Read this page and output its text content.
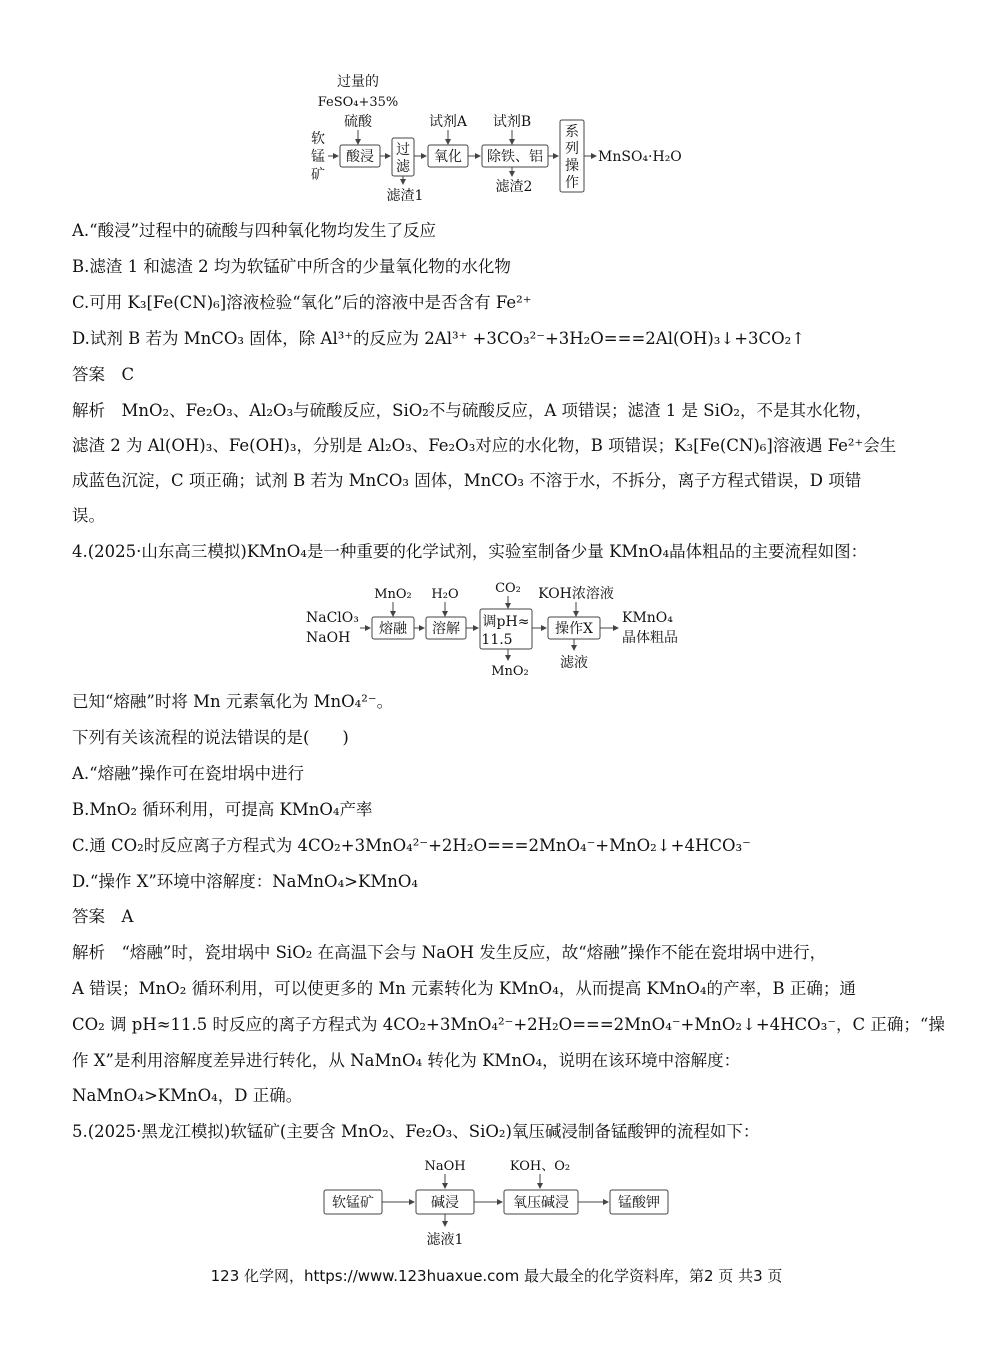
过量的
FeSO₄+35%
硫酸
软
锰
矿
酸浸 过
滤
滤渣1
试剂A
氧化
试剂B
除铁、铝
滤渣2
系
列
操
作
MnSO₄·H₂O
A.“酸浸”过程中的硫酸与四种氧化物均发生了反应
B.滤渣 1 和滤渣 2 均为软锰矿中所含的少量氧化物的水化物
C.可用 K₃[Fe(CN)₆]溶液检验“氧化”后的溶液中是否含有 Fe²⁺
D.试剂 B 若为 MnCO₃ 固体，除 Al³⁺的反应为 2Al³⁺ +3CO₃²⁻+3H₂O===2Al(OH)₃↓+3CO₂↑
答案　C
解析　MnO₂、Fe₂O₃、Al₂O₃与硫酸反应，SiO₂不与硫酸反应，A 项错误；滤渣 1 是 SiO₂，不是其水化物，
滤渣 2 为 Al(OH)₃、Fe(OH)₃，分别是 Al₂O₃、Fe₂O₃对应的水化物，B 项错误；K₃[Fe(CN)₆]溶液遇 Fe²⁺会生
成蓝色沉淀，C 项正确；试剂 B 若为 MnCO₃ 固体，MnCO₃ 不溶于水，不拆分，离子方程式错误，D 项错
误。
4.(2025·山东高三模拟)KMnO₄是一种重要的化学试剂，实验室制备少量 KMnO₄晶体粗品的主要流程如图：
NaClO₃
NaOH
MnO₂
熔融
H₂O
溶解
CO₂
调pH≈
11.5
MnO₂
KOH浓溶液
操作X
滤液
KMnO₄
晶体粗品
已知“熔融”时将 Mn 元素氧化为 MnO₄²⁻。
下列有关该流程的说法错误的是(　　)
A.“熔融”操作可在瓷坩埚中进行
B.MnO₂ 循环利用，可提高 KMnO₄产率
C.通 CO₂时反应离子方程式为 4CO₂+3MnO₄²⁻+2H₂O===2MnO₄⁻+MnO₂↓+4HCO₃⁻
D.“操作 X”环境中溶解度：NaMnO₄>KMnO₄
答案　A
解析　“熔融”时，瓷坩埚中 SiO₂ 在高温下会与 NaOH 发生反应，故“熔融”操作不能在瓷坩埚中进行，
A 错误；MnO₂ 循环利用，可以使更多的 Mn 元素转化为 KMnO₄，从而提高 KMnO₄的产率，B 正确；通
CO₂ 调 pH≈11.5 时反应的离子方程式为 4CO₂+3MnO₄²⁻+2H₂O===2MnO₄⁻+MnO₂↓+4HCO₃⁻，C 正确；“操
作 X”是利用溶解度差异进行转化，从 NaMnO₄ 转化为 KMnO₄，说明在该环境中溶解度：
NaMnO₄>KMnO₄，D 正确。
5.(2025·黑龙江模拟)软锰矿(主要含 MnO₂、Fe₂O₃、SiO₂)氧压碱浸制备锰酸钾的流程如下：
软锰矿
NaOH
碱浸
滤液1
KOH、O₂
氧压碱浸	锰酸钾
123 化学网，https://www.123huaxue.com 最大最全的化学资料库，第2 页 共3 页
